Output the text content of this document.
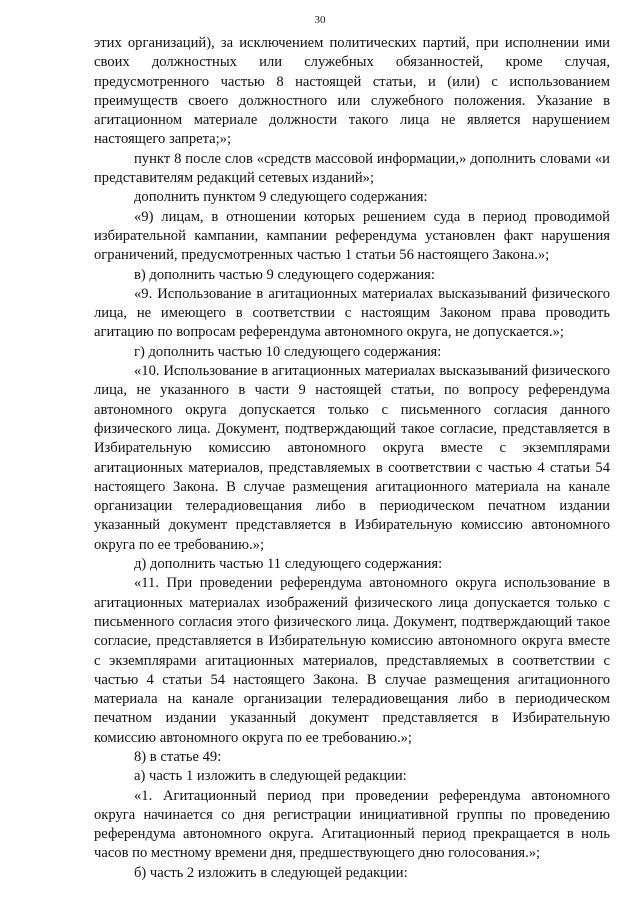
30

этих организаций), за исключением политических партий, при исполнении ими своих должностных или служебных обязанностей, кроме случая, предусмотренного частью 8 настоящей статьи, и (или) с использованием преимуществ своего должностного или служебного положения. Указание в агитационном материале должности такого лица не является нарушением настоящего запрета;»;

пункт 8 после слов «средств массовой информации,» дополнить словами «и представителям редакций сетевых изданий»;

дополнить пунктом 9 следующего содержания:

«9) лицам, в отношении которых решением суда в период проводимой избирательной кампании, кампании референдума установлен факт нарушения ограничений, предусмотренных частью 1 статьи 56 настоящего Закона.»;

в) дополнить частью 9 следующего содержания:

«9. Использование в агитационных материалах высказываний физического лица, не имеющего в соответствии с настоящим Законом права проводить агитацию по вопросам референдума автономного округа, не допускается.»;

г) дополнить частью 10 следующего содержания:

«10. Использование в агитационных материалах высказываний физического лица, не указанного в части 9 настоящей статьи, по вопросу референдума автономного округа допускается только с письменного согласия данного физического лица. Документ, подтверждающий такое согласие, представляется в Избирательную комиссию автономного округа вместе с экземплярами агитационных материалов, представляемых в соответствии с частью 4 статьи 54 настоящего Закона. В случае размещения агитационного материала на канале организации телерадиовещания либо в периодическом печатном издании указанный документ представляется в Избирательную комиссию автономного округа по ее требованию.»;

д) дополнить частью 11 следующего содержания:

«11. При проведении референдума автономного округа использование в агитационных материалах изображений физического лица допускается только с письменного согласия этого физического лица. Документ, подтверждающий такое согласие, представляется в Избирательную комиссию автономного округа вместе с экземплярами агитационных материалов, представляемых в соответствии с частью 4 статьи 54 настоящего Закона. В случае размещения агитационного материала на канале организации телерадиовещания либо в периодическом печатном издании указанный документ представляется в Избирательную комиссию автономного округа по ее требованию.»;

8) в статье 49:

а) часть 1 изложить в следующей редакции:

«1. Агитационный период при проведении референдума автономного округа начинается со дня регистрации инициативной группы по проведению референдума автономного округа. Агитационный период прекращается в ноль часов по местному времени дня, предшествующего дню голосования.»;

б) часть 2 изложить в следующей редакции:
